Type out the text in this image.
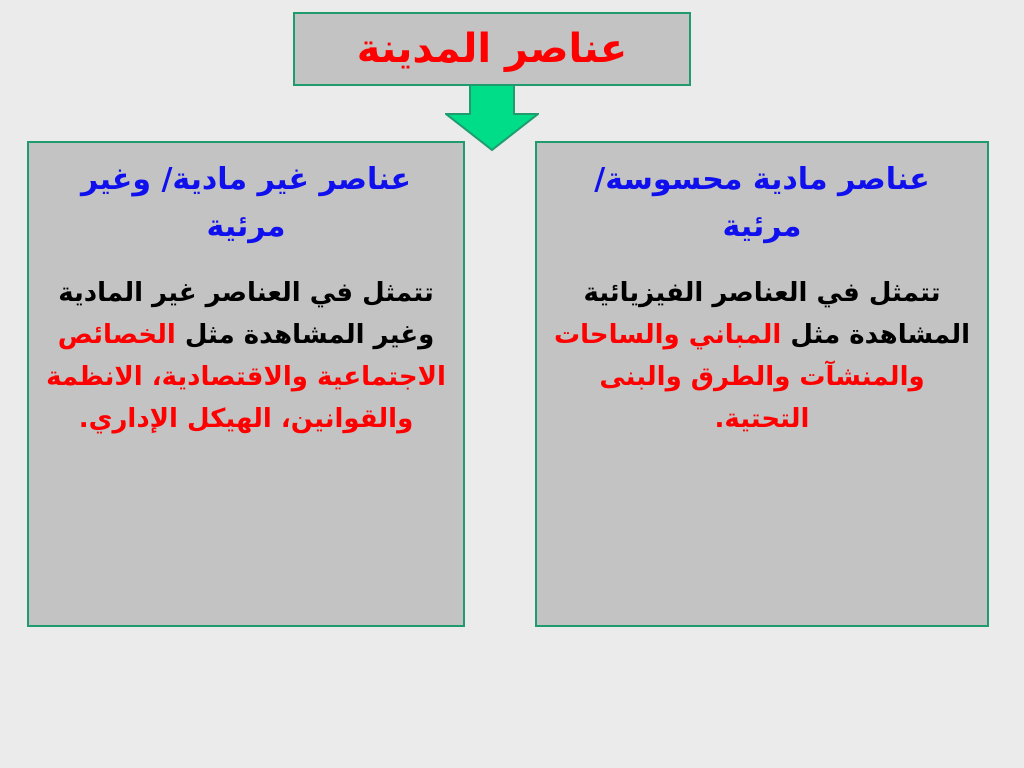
عناصر المدينة

عناصر مادية محسوسة/ مرئية

تتمثل في العناصر الفيزيائية المشاهدة مثل المباني والساحات والمنشآت والطرق والبنى التحتية.

عناصر غير مادية/ وغير مرئية

تتمثل في العناصر غير المادية وغير المشاهدة مثل الخصائص الاجتماعية والاقتصادية، الانظمة والقوانين، الهيكل الإداري.
